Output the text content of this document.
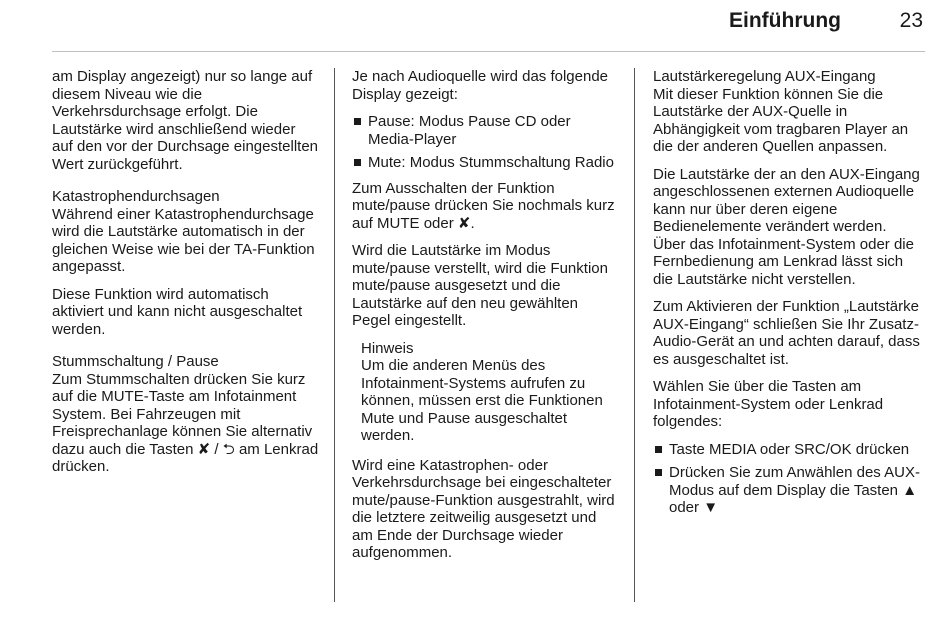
Einführung	23

am Display angezeigt) nur so lange auf diesem Niveau wie die Verkehrsdurchsage erfolgt. Die Lautstärke wird anschließend wieder auf den vor der Durchsage eingestellten Wert zurückgeführt.

Katastrophendurchsagen

Während einer Katastrophendurchsage wird die Lautstärke automatisch in der gleichen Weise wie bei der TA-Funktion angepasst.

Diese Funktion wird automatisch aktiviert und kann nicht ausgeschaltet werden.

Stummschaltung / Pause

Zum Stummschalten drücken Sie kurz auf die MUTE-Taste am Infotainment System. Bei Fahrzeugen mit Freisprechanlage können Sie alternativ dazu auch die Tasten ✘ / ⮌ am Lenkrad drücken.

Je nach Audioquelle wird das folgende Display gezeigt:

Pause: Modus Pause CD oder Media-Player
Mute: Modus Stummschaltung Radio

Zum Ausschalten der Funktion mute/pause drücken Sie nochmals kurz auf MUTE oder ✘.

Wird die Lautstärke im Modus mute/pause verstellt, wird die Funktion mute/pause ausgesetzt und die Lautstärke auf den neu gewählten Pegel eingestellt.

Hinweis
Um die anderen Menüs des Infotainment-Systems aufrufen zu können, müssen erst die Funktionen Mute und Pause ausgeschaltet werden.

Wird eine Katastrophen- oder Verkehrsdurchsage bei eingeschalteter mute/pause-Funktion ausgestrahlt, wird die letztere zeitweilig ausgesetzt und am Ende der Durchsage wieder aufgenommen.

Lautstärkeregelung AUX-Eingang

Mit dieser Funktion können Sie die Lautstärke der AUX-Quelle in Abhängigkeit vom tragbaren Player an die der anderen Quellen anpassen.

Die Lautstärke der an den AUX-Eingang angeschlossenen externen Audioquelle kann nur über deren eigene Bedienelemente verändert werden. Über das Infotainment-System oder die Fernbedienung am Lenkrad lässt sich die Lautstärke nicht verstellen.

Zum Aktivieren der Funktion „Lautstärke AUX-Eingang“ schließen Sie Ihr Zusatz-Audio-Gerät an und achten darauf, dass es ausgeschaltet ist.

Wählen Sie über die Tasten am Infotainment-System oder Lenkrad folgendes:

Taste MEDIA oder SRC/OK drücken
Drücken Sie zum Anwählen des AUX-Modus auf dem Display die Tasten ▲ oder ▼
